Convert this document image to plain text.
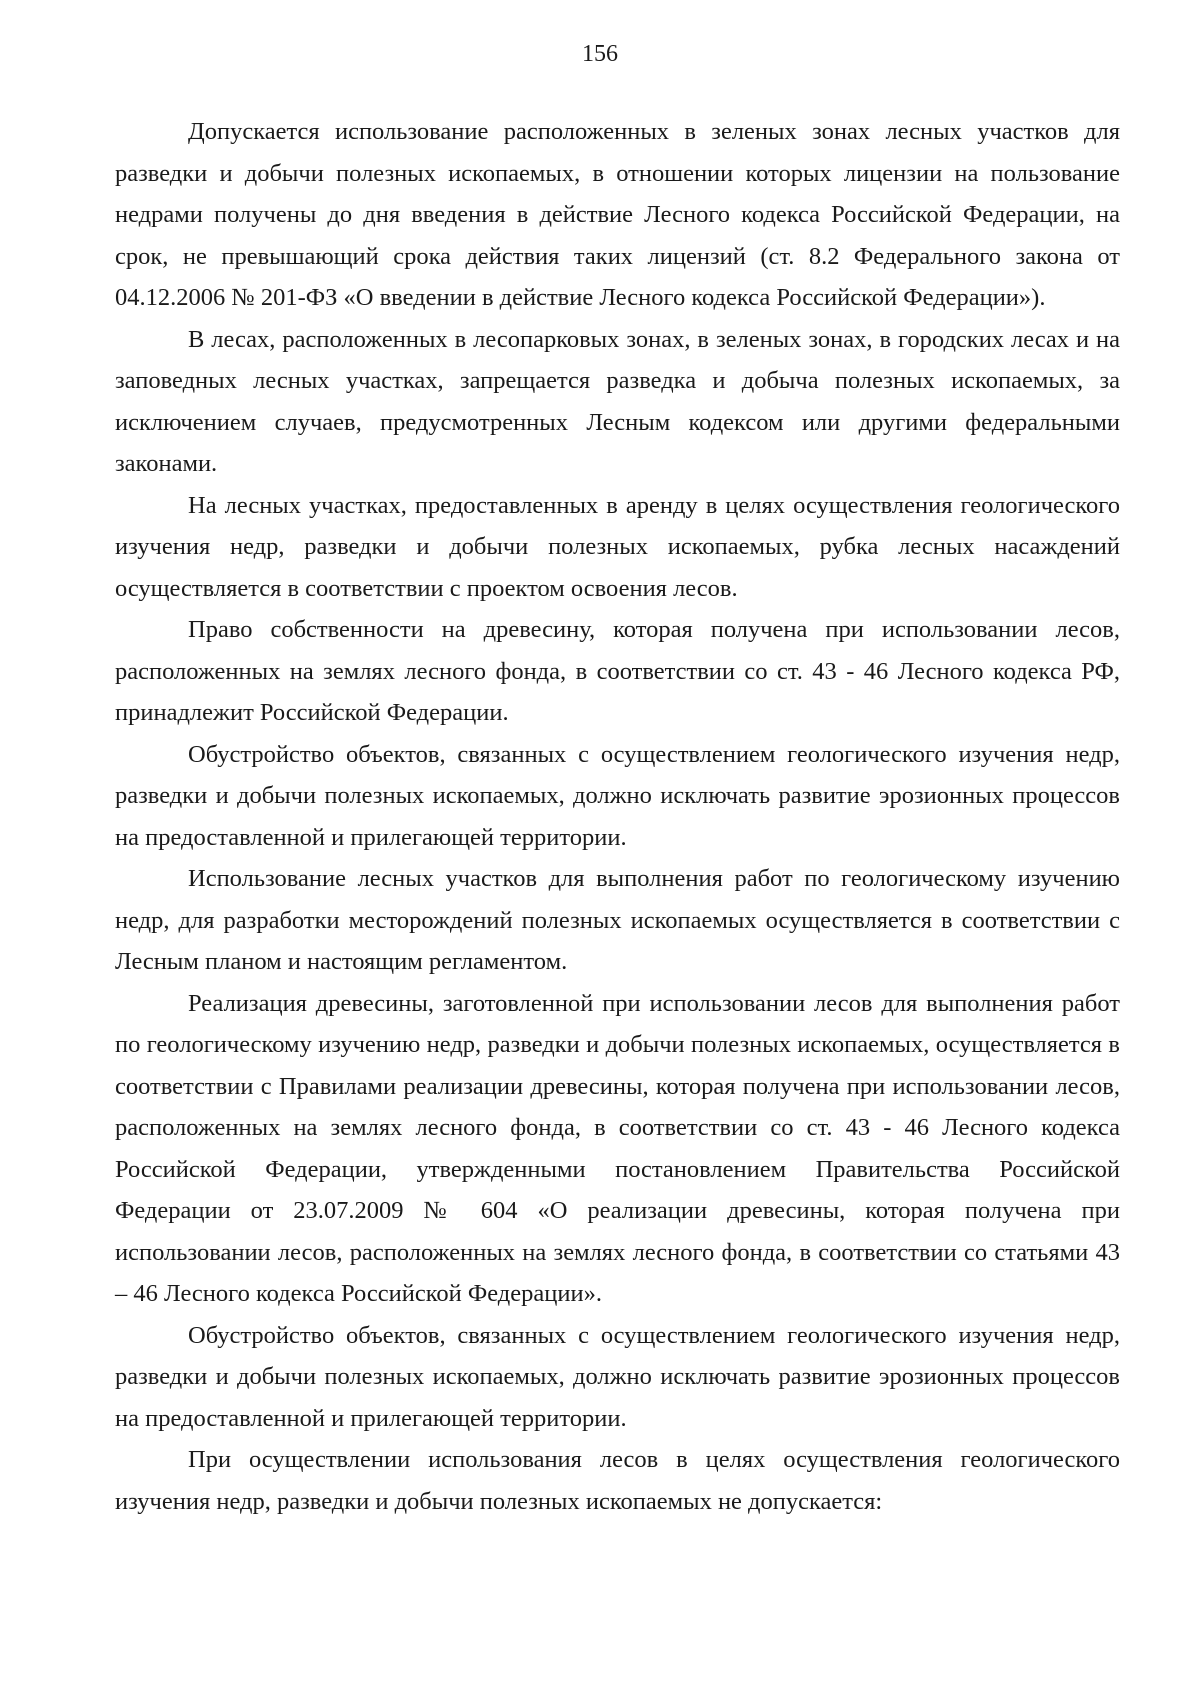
156

Допускается использование расположенных в зеленых зонах лесных участков для разведки и добычи полезных ископаемых, в отношении которых лицензии на пользование недрами получены до дня введения в действие Лесного кодекса Российской Федерации, на срок, не превышающий срока действия таких лицензий (ст. 8.2 Федерального закона от 04.12.2006 № 201-ФЗ «О введении в действие Лесного кодекса Российской Федерации»).

В лесах, расположенных в лесопарковых зонах, в зеленых зонах, в городских лесах и на заповедных лесных участках, запрещается разведка и добыча полезных ископаемых, за исключением случаев, предусмотренных Лесным кодексом или другими федеральными законами.

На лесных участках, предоставленных в аренду в целях осуществления геологического изучения недр, разведки и добычи полезных ископаемых, рубка лесных насаждений осуществляется в соответствии с проектом освоения лесов.

Право собственности на древесину, которая получена при использовании лесов, расположенных на землях лесного фонда, в соответствии со ст. 43 - 46 Лесного кодекса РФ, принадлежит Российской Федерации.

Обустройство объектов, связанных с осуществлением геологического изучения недр, разведки и добычи полезных ископаемых, должно исключать развитие эрозионных процессов на предоставленной и прилегающей территории.

Использование лесных участков для выполнения работ по геологическому изучению недр, для разработки месторождений полезных ископаемых осуществляется в соответствии с Лесным планом и настоящим регламентом.

Реализация древесины, заготовленной при использовании лесов для выполнения работ по геологическому изучению недр, разведки и добычи полезных ископаемых, осуществляется в соответствии с Правилами реализации древесины, которая получена при использовании лесов, расположенных на землях лесного фонда, в соответствии со ст. 43 - 46 Лесного кодекса Российской Федерации, утвержденными постановлением Правительства Российской Федерации от 23.07.2009 № 604 «О реализации древесины, которая получена при использовании лесов, расположенных на землях лесного фонда, в соответствии со статьями 43 – 46 Лесного кодекса Российской Федерации».

Обустройство объектов, связанных с осуществлением геологического изучения недр, разведки и добычи полезных ископаемых, должно исключать развитие эрозионных процессов на предоставленной и прилегающей территории.

При осуществлении использования лесов в целях осуществления геологического изучения недр, разведки и добычи полезных ископаемых не допускается:
